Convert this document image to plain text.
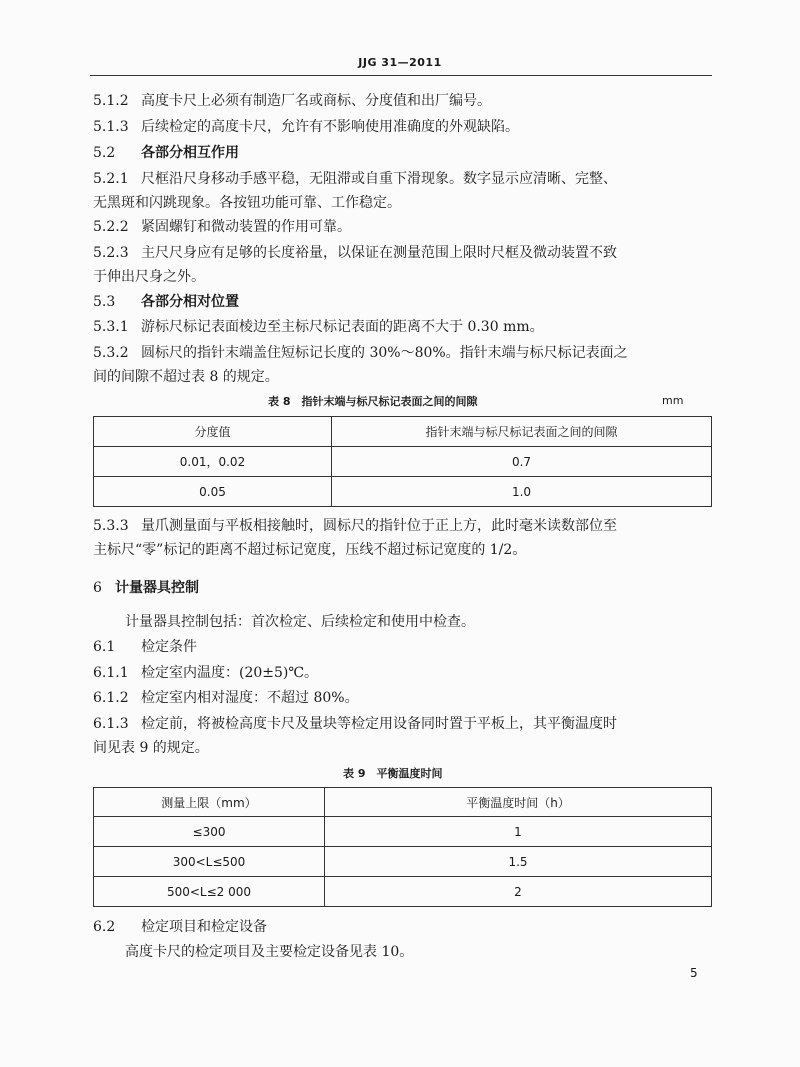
JJG 31—2011
5.1.2 高度卡尺上必须有制造厂名或商标、分度值和出厂编号。
5.1.3 后续检定的高度卡尺，允许有不影响使用准确度的外观缺陷。
5.2 各部分相互作用
5.2.1 尺框沿尺身移动手感平稳，无阻滞或自重下滑现象。数字显示应清晰、完整、
无黑斑和闪跳现象。各按钮功能可靠、工作稳定。
5.2.2 紧固螺钉和微动装置的作用可靠。
5.2.3 主尺尺身应有足够的长度裕量，以保证在测量范围上限时尺框及微动装置不致
于伸出尺身之外。
5.3 各部分相对位置
5.3.1 游标尺标记表面棱边至主标尺标记表面的距离不大于 0.30 mm。
5.3.2 圆标尺的指针末端盖住短标记长度的 30%～80%。指针末端与标尺标记表面之
间的间隙不超过表 8 的规定。
表 8　指针末端与标尺标记表面之间的间隙	mm
分度值	指针末端与标尺标记表面之间的间隙
0.01，0.02	0.7
0.05	1.0
5.3.3 量爪测量面与平板相接触时，圆标尺的指针位于正上方，此时毫米读数部位至
主标尺“零”标记的距离不超过标记宽度，压线不超过标记宽度的 1/2。
6 计量器具控制
计量器具控制包括：首次检定、后续检定和使用中检查。
6.1 检定条件
6.1.1 检定室内温度：(20±5)℃。
6.1.2 检定室内相对湿度：不超过 80%。
6.1.3 检定前，将被检高度卡尺及量块等检定用设备同时置于平板上，其平衡温度时
间见表 9 的规定。
表 9　平衡温度时间
测量上限（mm）	平衡温度时间（h）
≤300	1
300<L≤500	1.5
500<L≤2 000	2
6.2 检定项目和检定设备
高度卡尺的检定项目及主要检定设备见表 10。
5
